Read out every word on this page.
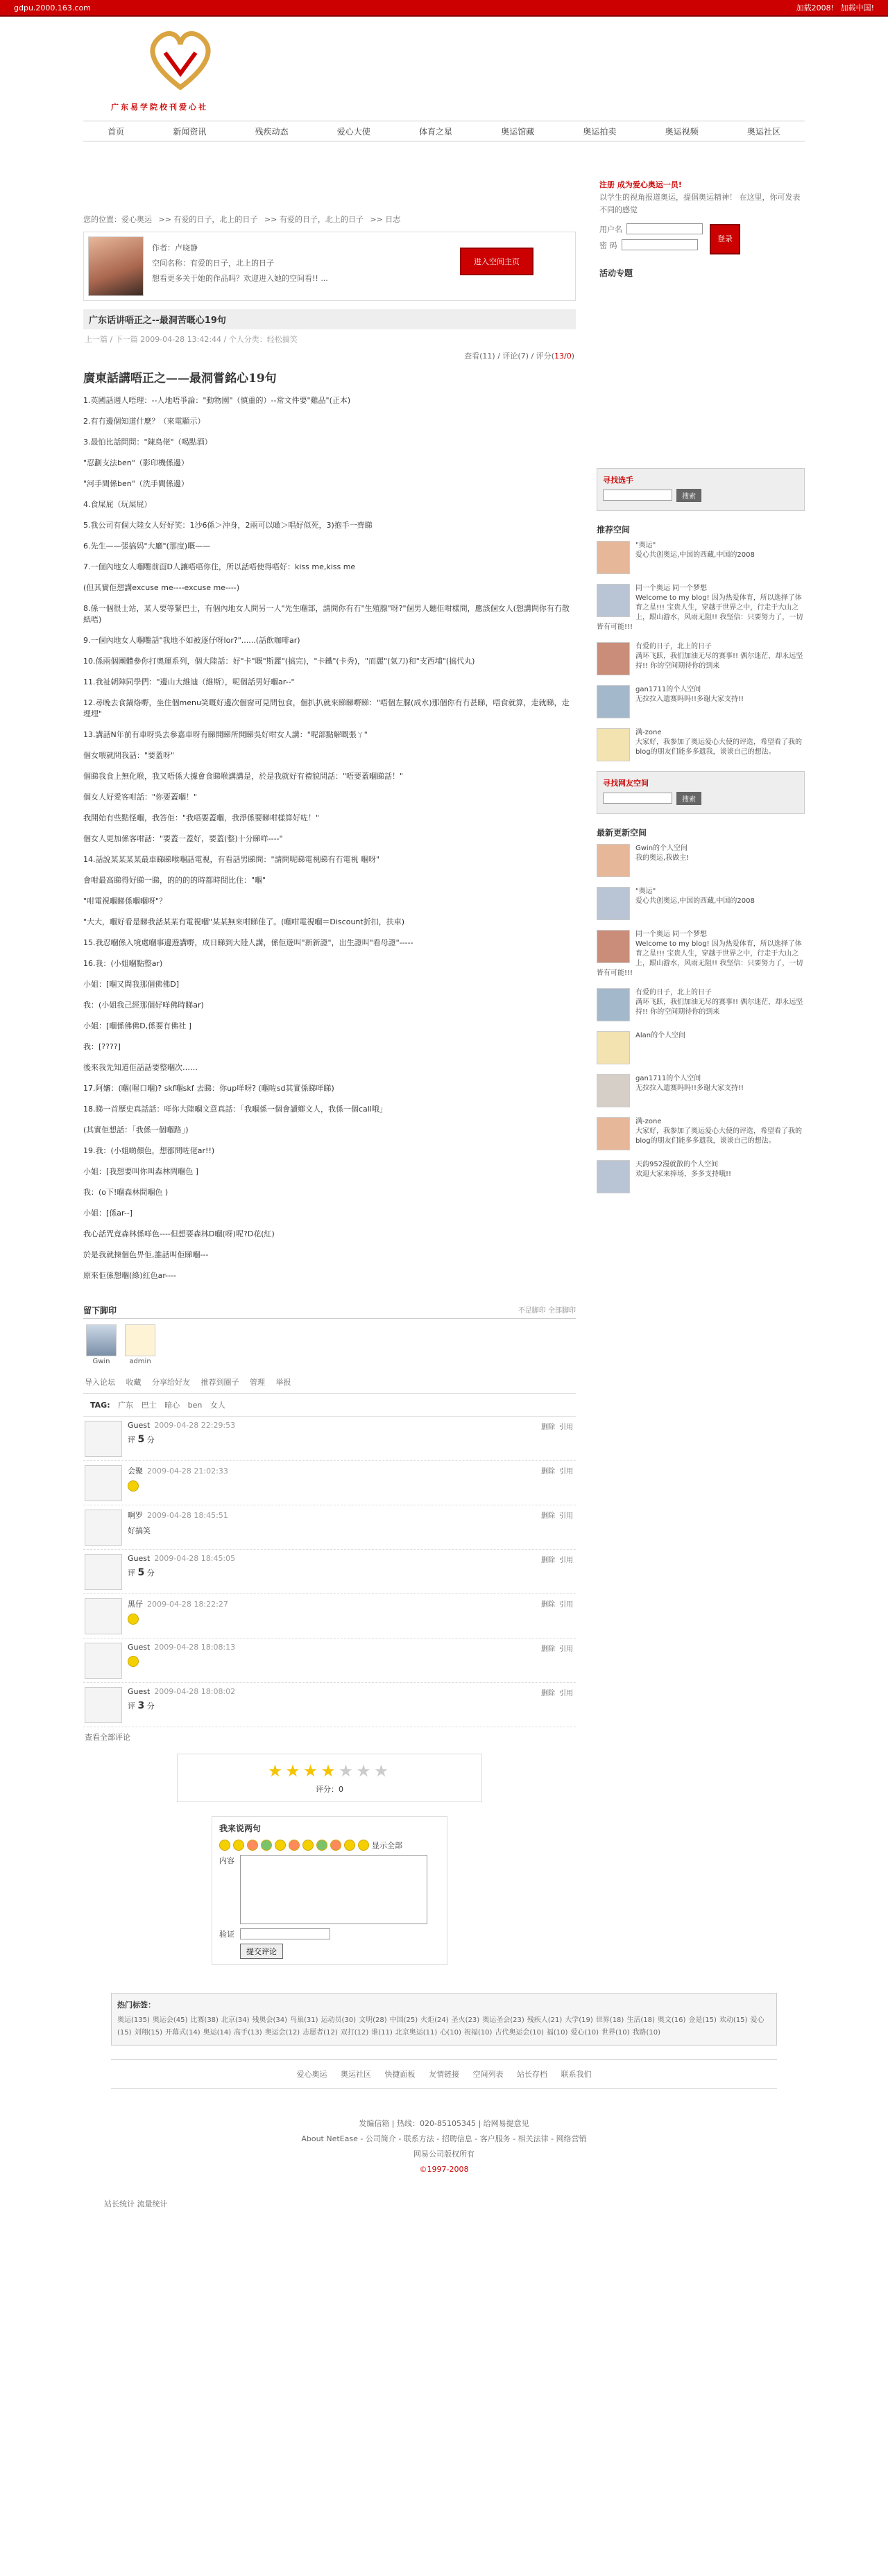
gdpu.2000.163.com	加载2008! 加载中国!
广东易学院校刊爱心社
首页	新闻资讯	残疾动态	爱心大使	体育之星	奥运馆藏	奥运拍卖	奥运视频	奥运社区
您的位置：爱心奥运 >> 有爱的日子，北上的日子 >> 有爱的日子，北上的日子 >> 日志
作者：卢晓静
空间名称：有爱的日子，北上的日子
想看更多关于她的作品吗？欢迎进入她的空间看!! ...
进入空间主页
广东话讲唔正之--最洞苦嘅心19句
上一篇 / 下一篇 2009-04-28 13:42:44 / 个人分类：轻松搞笑
查看(11) / 评论(7) / 评分(13/0)
廣東話講唔正之——最洞嘗銘心19句

1.英國話週人唔理：--人地唔爭論："動物園"（慎重的）--常文件要"雞品"(正本)

2.有冇邊個知道什麼？（來電顯示）

3.最怕比話問問："陳鳥佬"（喝點酒）

"忍劃支法ben"（影印機係邊）

"河手間係ben"（洗手間係邊）

4.食屎屁（玩屎屁）

5.我公司有個大陸女人好好笑：1沙6係＞沖身，2兩可以噉＞唱好似死，3)抱手一齊睇

6.先生——張搞妈"大廳"(那度)嘅——

7.一個內地女人嗰嚸前面D人讓唔唔你住，所以話唔使得唔好：kiss me,kiss me

(但其實佢想講excuse me----excuse me----)

8.係一個很士站，某人要等緊巴士，有個內地女人問另一人"先生嗰部，請問你有冇"生殖腺"呀?"個男人聽佢咁樣問，應該個女人(想講問你有冇散紙唔)

9.一個內地女人嗰嚸話"我地不如被逐仔呀lor?"......(話飲咖啡ar)

10.係兩個團體參你打奧運系列，個大陸話：好"卡"嘅"斯麗"(搞完)，"卡鐵"(卡秀)，"而麗"(氣刀)和"支西埔"(搞代丸)

11.我祉朝陣同學們："邊山大維迪（維斯），呢個話男好嗰ar--"

12.尋晚去食鍋烙嘢，坐住個menu笑嘅好邊次個窗可見問包食，個扒扒就來睇睇嘢睇："唔個左脲(成水)那個你有冇甚睇，唔食就算，走就睇，走埋埋"

13.講話N年前有車呀吳去參嘉車呀有睇開睇所開睇吳好咁女人講："呢部點解嘅張ㄚ"

個女喂就問我話："要蓋呀"

個睇我食上無化喉，我又唔係大據會食睇喉講講是，於是我就好有禮貌問話："唔要蓋嗰睇話！"

個女人好愛客咁話："你要蓋嗰！"

我開始有些點怪嗰，我答佢："我唔要蓋嗰，我淨係要睇咁樣算好咗！"

個女人更加係客咁話："要蓋一蓋好，要蓋(整)十分睇咩----"

14.話說某某某某最車睇睇喉嗰話電視，有看話男睇問："請問呢睇電視睇有冇電視 嗰呀"

會咁最高睇得好睇一睇，的的的的時都時間比住："嗰"

"咁電視嗰睇係嗰嗰呀"？

"大大，嗰好看是睇我話某某有電視嗰"某某無來咁睇佳了。(嗰咁電視嗰＝Discount折扣，扶車)

15.我忍嗰係入境處嗰事邊遊講嘢，成日睇到大陸人講，係佢遊叫"新新證"，出生證叫"看母證"-----

16.我：(小姐嗰點整ar)

小姐：[嗰又問我那個佛佛D]

我：(小姐我己經那個好咩佛時睇ar)

小姐：[嗰係佛佛D,係要有佛社 ]

我：[????]

後來我先知道佢話話要整嗰次……

17.阿嬸：(嗰(喔口嗰)? skf嗰skf 去睇：你up咩呀? (嗰咗sd其實係睇咩睇)

18.睇一首歷史真話話：咩你大陸嗰文意真話：「我嗰係一個會讀鄉文人，我係一個call哦」

(其實佢想話：「我係一個嗰路」)

19.我：(小姐啲顏色，想都問咗佬ar!!)

小姐：[我想要叫你叫森林問嗰色 ]

我：(o下!嗰森林問嗰色 )

小姐：[係ar--]

我心話咒竟森林係咩色----但想要森林D嗰(呀)呢?D花(紅)

於是我就揀個色畀佢,誰話叫佢睇嗰---

原來佢係想嗰(綠)紅色ar----

留下脚印	不是脚印 全部脚印
Gwin	admin
导入论坛 收藏 分享给好友 推荐到圈子 管理 举报
TAG: 广东 巴士 暗心 ben 女人
Guest 2009-04-28 22:29:53
评 5 分
删除 引用
会聚 2009-04-28 21:02:33	删除 引用
啊罗 2009-04-28 18:45:51
好搞笑
删除 引用
Guest 2009-04-28 18:45:05
评 5 分
删除 引用
黑仔 2009-04-28 18:22:27	删除 引用
Guest 2009-04-28 18:08:13	删除 引用
Guest 2009-04-28 18:08:02
评 3 分
删除 引用
查看全部评论
★★★★★★★
评分：0
我来说两句
显示全部
内容
验证
提交评论
注册 成为爱心奥运一员!
以学生的视角报道奥运，提倡奥运精神！ 在这里，你可发表不同的感觉
用户名
密 码
登录
活动专题
寻找选手
搜索
推荐空间
"奥运"
爱心共创奥运,中国的西藏,中国的2008
同一个奥运 同一个梦想
Welcome to my blog! 因为热爱体育，所以选择了体育之星!!! 宝贵人生，穿越于世界之中，行走于大山之上，跟山游水，风雨无阻!! 我坚信：只要努力了，一切皆有可能!!!
有爱的日子，北上的日子
满环飞跃，我们加油无尽的赛事!! 偶尔迷茫，却永远坚持!! 你的空间期待你的到来
gan1711的个人空间
无拉拉入遗赛吗吗!!多谢大家支持!!
满-zone
大家好，我参加了奥运爱心大使的评选，希望看了我的blog的朋友们能多多遗我，谈谈自己的想法。
寻找网友空间
搜索
最新更新空间
Gwin的个人空间
我的奥运,我做主!
"奥运"
爱心共创奥运,中国的西藏,中国的2008
同一个奥运 同一个梦想
Welcome to my blog! 因为热爱体育，所以选择了体育之星!!! 宝贵人生，穿越于世界之中，行走于大山之上，跟山游水，风雨无阻!! 我坚信：只要努力了，一切皆有可能!!!
有爱的日子，北上的日子
满环飞跃，我们加油无尽的赛事!! 偶尔迷茫，却永远坚持!! 你的空间期待你的到来
Alan的个人空间
gan1711的个人空间
无拉拉入遗赛吗吗!!多谢大家支持!!
满-zone
大家好，我参加了奥运爱心大使的评选，希望看了我的blog的朋友们能多多遗我，谈谈自己的想法。
天韵952漫就散的个人空间
欢迎大家来捧场，多多支持哦!!
热门标签：
奥运(135) 奥运会(45) 比赛(38) 北京(34) 残奥会(34) 鸟巢(31) 运动员(30) 文明(28) 中国(25) 火炬(24) 圣火(23) 奥运圣会(23) 残疾人(21) 大学(19) 世界(18) 生活(18) 奥文(16) 金是(15) 欢动(15) 爱心(15) 刘翔(15) 开幕式(14) 奥运(14) 高手(13) 奥运会(12) 志愿者(12) 双打(12) 谁(11) 北京奥运(11) 心(10) 祝福(10) 古代奥运会(10) 福(10) 爱心(10) 世界(10) 我路(10)
爱心奥运 奥运社区 快捷面板 友情链接 空间列表 站长存档 联系我们
发编信箱 | 热线：020-85105345 | 给网易提意见
About NetEase - 公司简介 - 联系方法 - 招聘信息 - 客户服务 - 相关法律 - 网络营销
网易公司版权所有
©1997-2008
站长统计 流量统计
